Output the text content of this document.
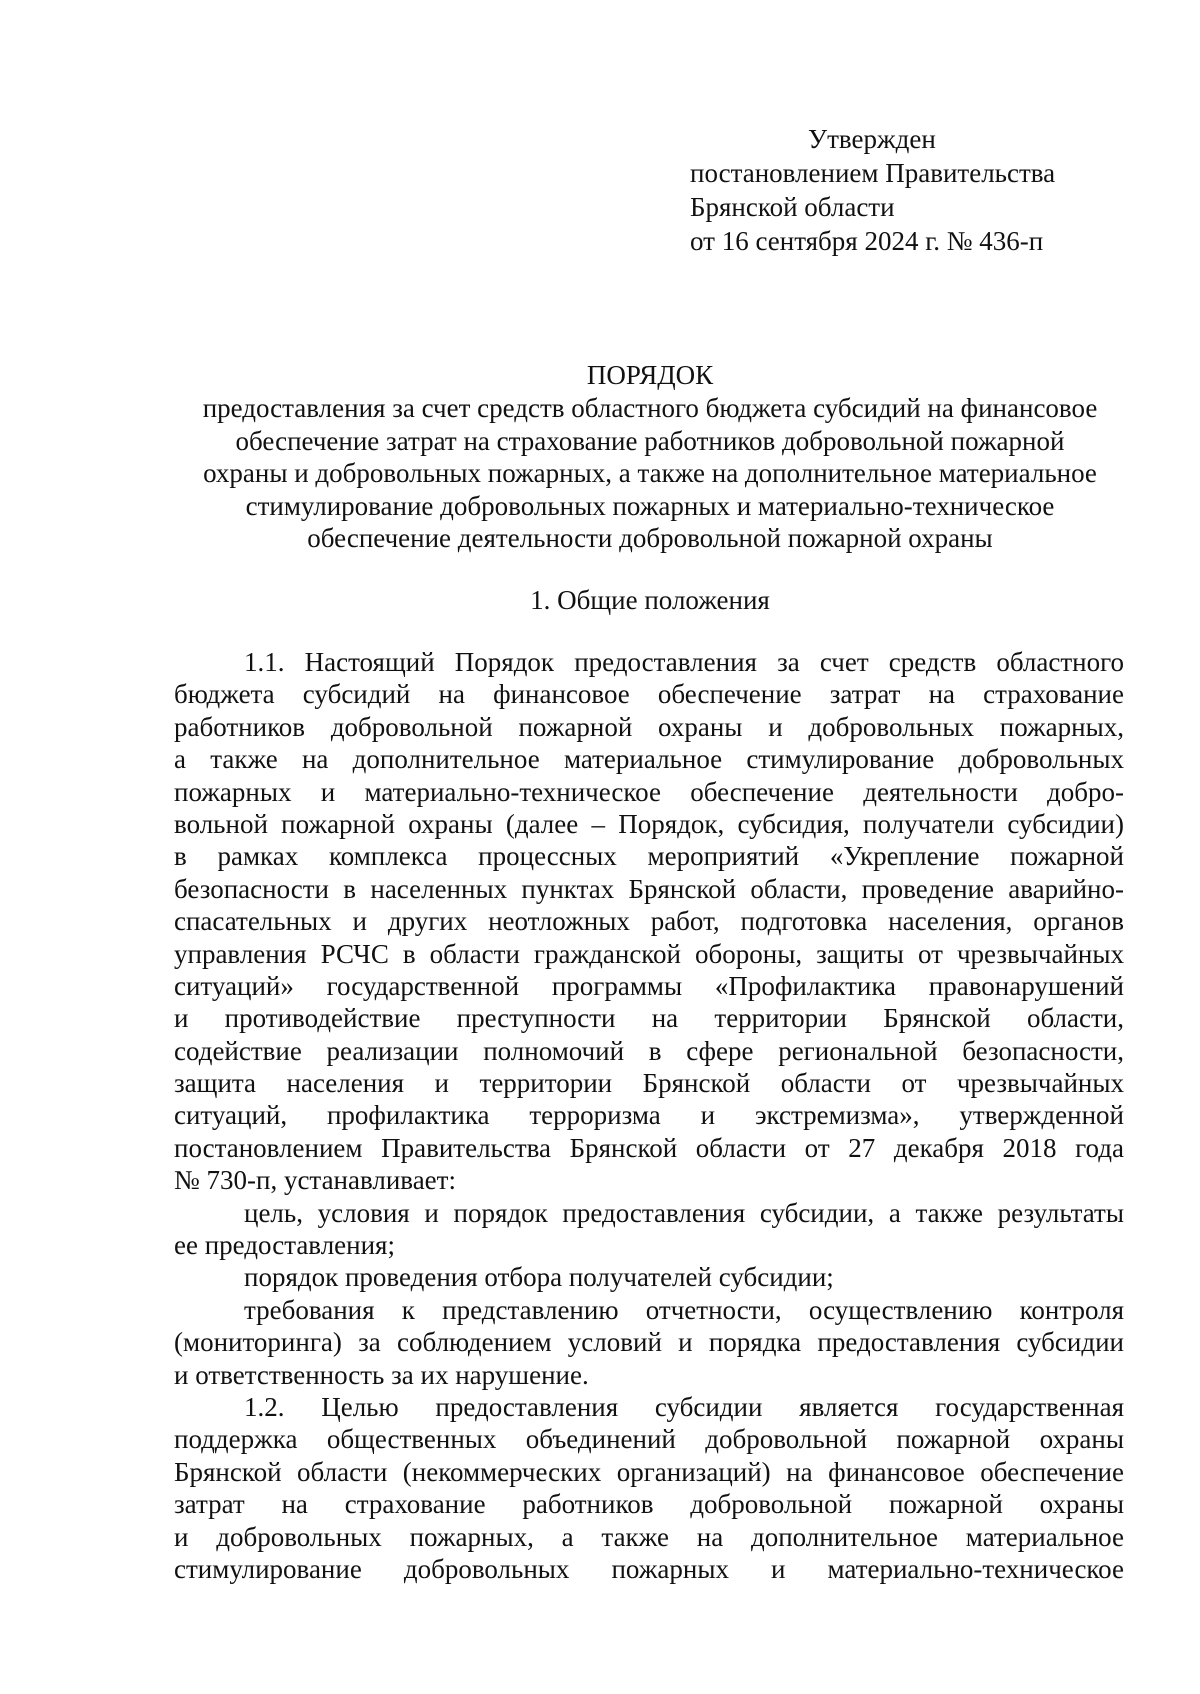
Утвержден
постановлением Правительства
Брянской области
от 16 сентября 2024 г. № 436-п
ПОРЯДОК
предоставления за счет средств областного бюджета субсидий на финансовое
обеспечение затрат на страхование работников добровольной пожарной
охраны и добровольных пожарных, а также на дополнительное материальное
стимулирование добровольных пожарных и материально-техническое
обеспечение деятельности добровольной пожарной охраны
1. Общие положения
1.1. Настоящий Порядок предоставления за счет средств областного
бюджета субсидий на финансовое обеспечение затрат на страхование
работников добровольной пожарной охраны и добровольных пожарных,
а также на дополнительное материальное стимулирование добровольных
пожарных и материально-техническое обеспечение деятельности добро-
вольной пожарной охраны (далее – Порядок, субсидия, получатели субсидии)
в рамках комплекса процессных мероприятий «Укрепление пожарной
безопасности в населенных пунктах Брянской области, проведение аварийно-
спасательных и других неотложных работ, подготовка населения, органов
управления РСЧС в области гражданской обороны, защиты от чрезвычайных
ситуаций» государственной программы «Профилактика правонарушений
и противодействие преступности на территории Брянской области,
содействие реализации полномочий в сфере региональной безопасности,
защита населения и территории Брянской области от чрезвычайных
ситуаций, профилактика терроризма и экстремизма», утвержденной
постановлением Правительства Брянской области от 27 декабря 2018 года
№ 730-п, устанавливает:
цель, условия и порядок предоставления субсидии, а также результаты
ее предоставления;
порядок проведения отбора получателей субсидии;
требования к представлению отчетности, осуществлению контроля
(мониторинга) за соблюдением условий и порядка предоставления субсидии
и ответственность за их нарушение.
1.2. Целью предоставления субсидии является государственная
поддержка общественных объединений добровольной пожарной охраны
Брянской области (некоммерческих организаций) на финансовое обеспечение
затрат на страхование работников добровольной пожарной охраны
и добровольных пожарных, а также на дополнительное материальное
стимулирование добровольных пожарных и материально-техническое
